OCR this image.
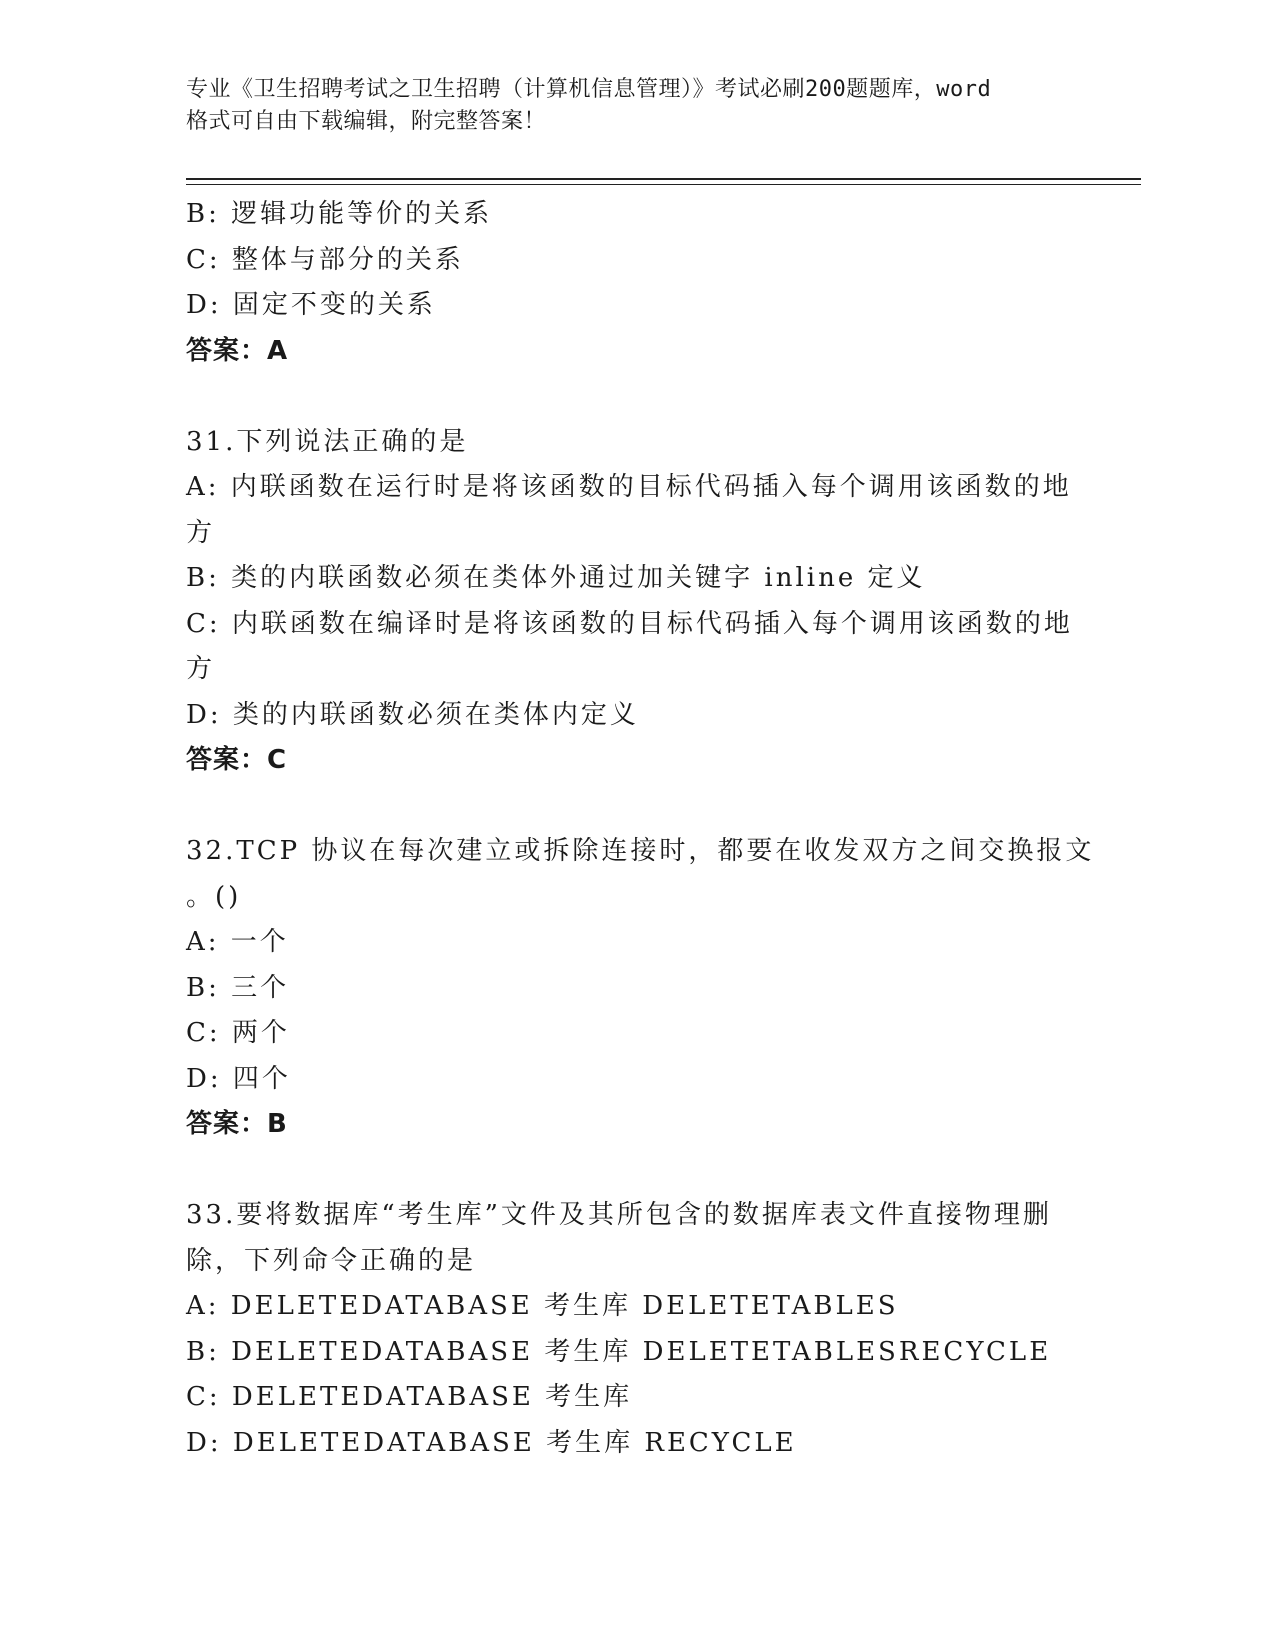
专业《卫生招聘考试之卫生招聘（计算机信息管理）》考试必刷200题题库，word
格式可自由下载编辑，附完整答案！
B: 逻辑功能等价的关系
C: 整体与部分的关系
D: 固定不变的关系
答案：A
31.下列说法正确的是
A: 内联函数在运行时是将该函数的目标代码插入每个调用该函数的地
方
B: 类的内联函数必须在类体外通过加关键字 inline 定义
C: 内联函数在编译时是将该函数的目标代码插入每个调用该函数的地
方
D: 类的内联函数必须在类体内定义
答案：C
32.TCP 协议在每次建立或拆除连接时，都要在收发双方之间交换报文
。()
A: 一个
B: 三个
C: 两个
D: 四个
答案：B
33.要将数据库“考生库”文件及其所包含的数据库表文件直接物理删
除，下列命令正确的是
A: DELETEDATABASE 考生库 DELETETABLES
B: DELETEDATABASE 考生库 DELETETABLESRECYCLE
C: DELETEDATABASE 考生库
D: DELETEDATABASE 考生库 RECYCLE
